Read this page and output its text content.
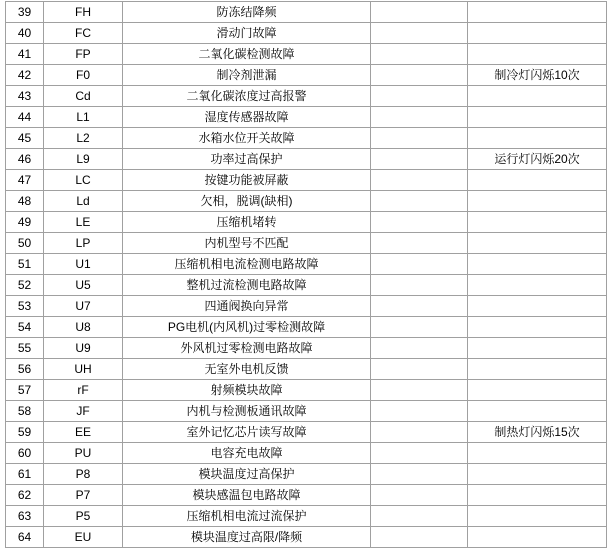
39	FH	防冻结降频		
40	FC	滑动门故障		
41	FP	二氧化碳检测故障		
42	F0	制冷剂泄漏		制冷灯闪烁10次
43	Cd	二氧化碳浓度过高报警		
44	L1	湿度传感器故障		
45	L2	水箱水位开关故障		
46	L9	功率过高保护		运行灯闪烁20次
47	LC	按键功能被屏蔽		
48	Ld	欠相，脱调(缺相)		
49	LE	压缩机堵转		
50	LP	内机型号不匹配		
51	U1	压缩机相电流检测电路故障		
52	U5	整机过流检测电路故障		
53	U7	四通阀换向异常		
54	U8	PG电机(内风机)过零检测故障		
55	U9	外风机过零检测电路故障		
56	UH	无室外电机反馈		
57	rF	射频模块故障		
58	JF	内机与检测板通讯故障		
59	EE	室外记忆芯片读写故障		制热灯闪烁15次
60	PU	电容充电故障		
61	P8	模块温度过高保护		
62	P7	模块感温包电路故障		
63	P5	压缩机相电流过流保护		
64	EU	模块温度过高限/降频		
